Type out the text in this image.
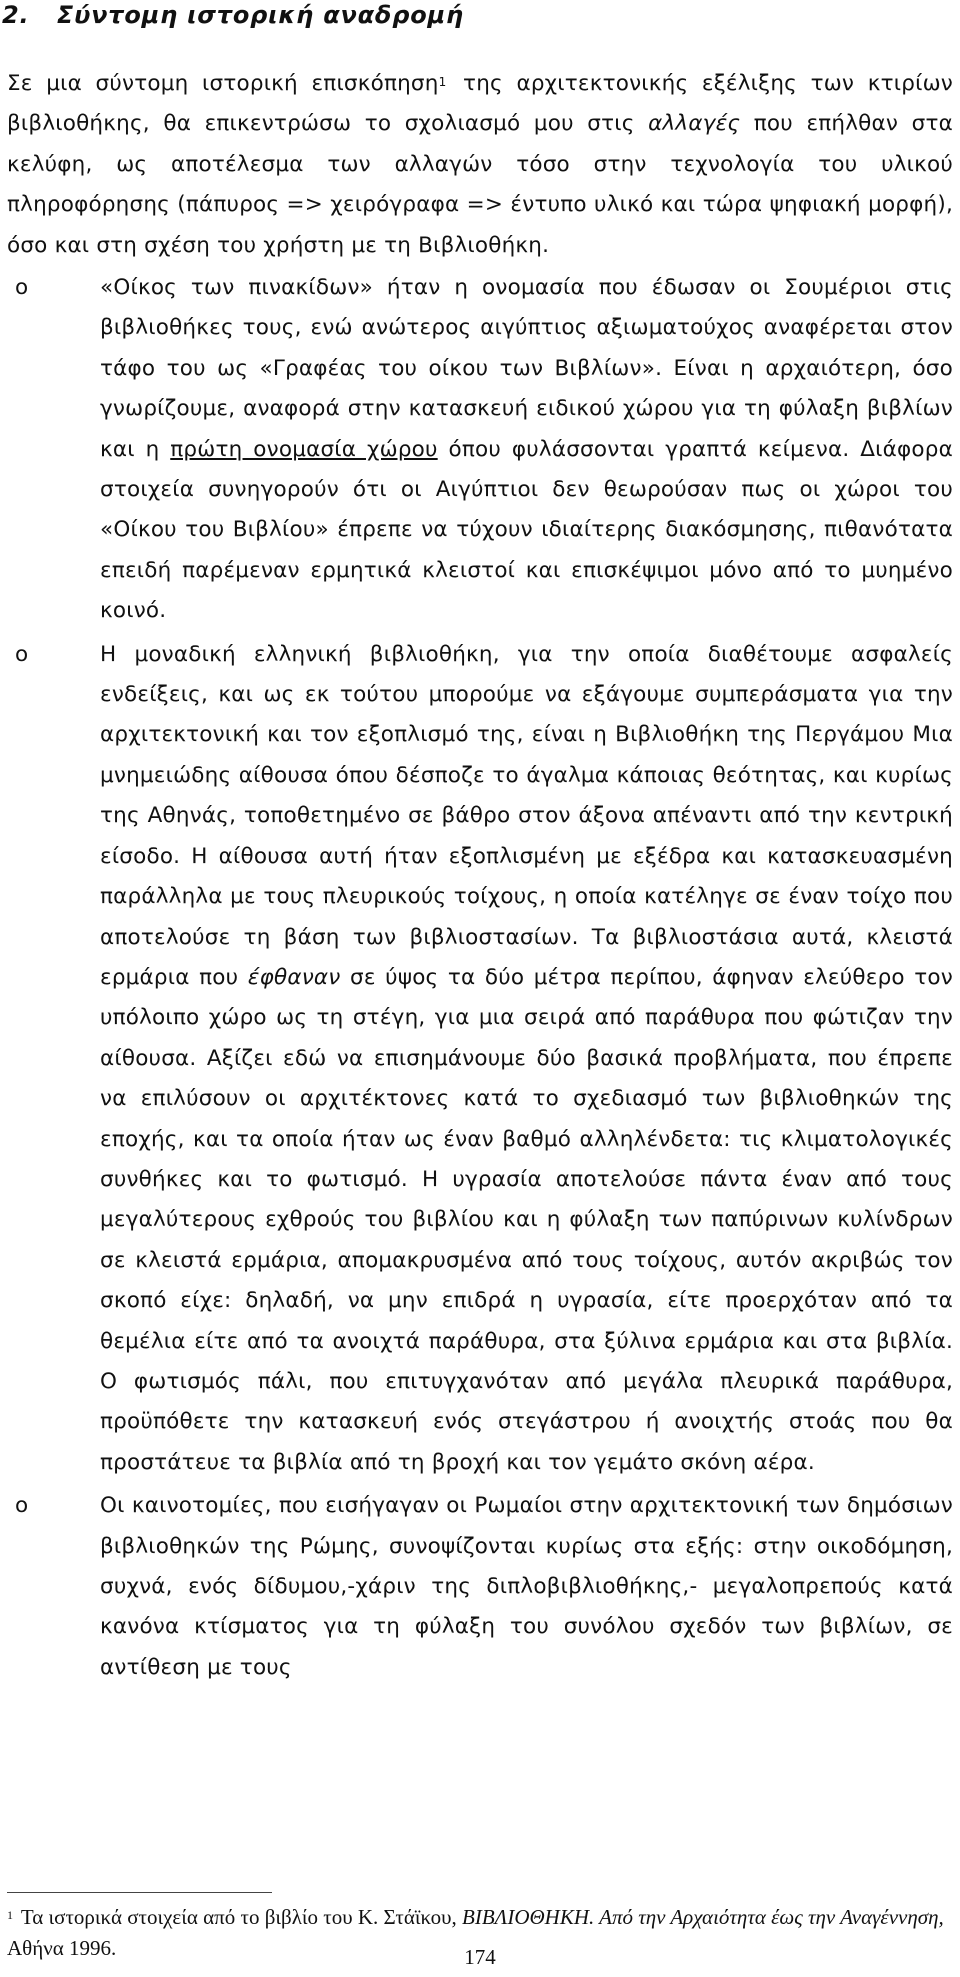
2.   Σύντομη ιστορική αναδρομή

Σε μια σύντομη ιστορική επισκόπηση$^1$ της αρχιτεκτονικής εξέλιξης των κτιρίων βιβλιοθήκης, θα επικεντρώσω το σχολιασμό μου στις αλλαγές που επήλθαν στα κελύφη, ως αποτέλεσμα των αλλαγών τόσο στην τεχνολογία του υλικού πληροφόρησης (πάπυρος => χειρόγραφα => έντυπο υλικό και τώρα ψηφιακή μορφή), όσο και στη σχέση του χρήστη με τη Βιβλιοθήκη.

o	«Οίκος των πινακίδων» ήταν η ονομασία που έδωσαν οι Σουμέριοι στις βιβλιοθήκες τους, ενώ ανώτερος αιγύπτιος αξιωματούχος αναφέρεται στον τάφο του ως «Γραφέας του οίκου των Βιβλίων». Είναι η αρχαιότερη, όσο γνωρίζουμε, αναφορά στην κατασκευή ειδικού χώρου για τη φύλαξη βιβλίων και η πρώτη ονομασία χώρου όπου φυλάσσονται γραπτά κείμενα. Διάφορα στοιχεία συνηγορούν ότι οι Αιγύπτιοι δεν θεωρούσαν πως οι χώροι του «Οίκου του Βιβλίου» έπρεπε να τύχουν ιδιαίτερης διακόσμησης, πιθανότατα επειδή παρέμεναν ερμητικά κλειστοί και επισκέψιμοι μόνο από το μυημένο κοινό.

o	Η μοναδική ελληνική βιβλιοθήκη, για την οποία διαθέτουμε ασφαλείς ενδείξεις, και ως εκ τούτου μπορούμε να εξάγουμε συμπεράσματα για την αρχιτεκτονική και τον εξοπλισμό της, είναι η Βιβλιοθήκη της Περγάμου Μια μνημειώδης αίθουσα όπου δέσποζε το άγαλμα κάποιας θεότητας, και κυρίως της Αθηνάς, τοποθετημένο σε βάθρο στον άξονα απέναντι από την κεντρική είσοδο. Η αίθουσα αυτή ήταν εξοπλισμένη με εξέδρα και κατασκευασμένη παράλληλα με τους πλευρικούς τοίχους, η οποία κατέληγε σε έναν τοίχο που αποτελούσε τη βάση των βιβλιοστασίων. Τα βιβλιοστάσια αυτά, κλειστά ερμάρια που έφθαναν σε ύψος τα δύο μέτρα περίπου, άφηναν ελεύθερο τον υπόλοιπο χώρο ως τη στέγη, για μια σειρά από παράθυρα που φώτιζαν την αίθουσα. Αξίζει εδώ να επισημάνουμε δύο βασικά προβλήματα, που έπρεπε να επιλύσουν οι αρχιτέκτονες κατά το σχεδιασμό των βιβλιοθηκών της εποχής, και τα οποία ήταν ως έναν βαθμό αλληλένδετα: τις κλιματολογικές συνθήκες και το φωτισμό. Η υγρασία αποτελούσε πάντα έναν από τους μεγαλύτερους εχθρούς του βιβλίου και η φύλαξη των παπύρινων κυλίνδρων σε κλειστά ερμάρια, απομακρυσμένα από τους τοίχους, αυτόν ακριβώς τον σκοπό είχε: δηλαδή, να μην επιδρά η υγρασία, είτε προερχόταν από τα θεμέλια είτε από τα ανοιχτά παράθυρα, στα ξύλινα ερμάρια και στα βιβλία. Ο φωτισμός πάλι, που επιτυγχανόταν από μεγάλα πλευρικά παράθυρα, προϋπόθετε την κατασκευή ενός στεγάστρου ή ανοιχτής στοάς που θα προστάτευε τα βιβλία από τη βροχή και τον γεμάτο σκόνη αέρα.

o	Οι καινοτομίες, που εισήγαγαν οι Ρωμαίοι στην αρχιτεκτονική των δημόσιων βιβλιοθηκών της Ρώμης, συνοψίζονται κυρίως στα εξής: στην οικοδόμηση, συχνά, ενός δίδυμου,-χάριν της διπλοβιβλιοθήκης,- μεγαλοπρεπούς κατά κανόνα κτίσματος για τη φύλαξη του συνόλου σχεδόν των βιβλίων, σε αντίθεση με τους

$^1$ Τα ιστορικά στοιχεία από το βιβλίο του Κ. Στάϊκου, ΒΙΒΛΙΟΘΗΚΗ. Από την Αρχαιότητα έως την Αναγέννηση, Αθήνα 1996.	174
